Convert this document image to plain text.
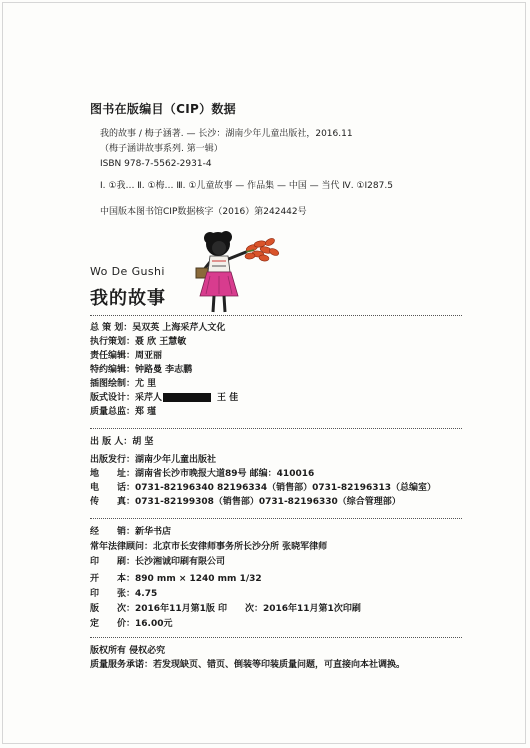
图书在版编目（CIP）数据
我的故事 / 梅子涵著. — 长沙：湖南少年儿童出版社，2016.11
（梅子涵讲故事系列. 第一辑）
ISBN 978-7-5562-2931-4
Ⅰ. ①我… Ⅱ. ①梅… Ⅲ. ①儿童故事 — 作品集 — 中国 — 当代 Ⅳ. ①I287.5
中国版本图书馆CIP数据核字（2016）第242442号
Wo De Gushi
我的故事
总 策 划：吴双英 上海采芹人文化
执行策划：聂 欣 王慧敏
责任编辑：周亚丽
特约编辑：钟路曼 李志鹏
插图绘制：尤 里
版式设计：采芹人	王 佳
质量总监：郑 瑾
出 版 人：胡 坚
出版发行：湖南少年儿童出版社
地　　址：湖南省长沙市晚报大道89号 邮编：410016
电　　话：0731-82196340 82196334（销售部）0731-82196313（总编室）
传　　真：0731-82199308（销售部）0731-82196330（综合管理部）
经　　销：新华书店
常年法律顾问：北京市长安律师事务所长沙分所 张晓军律师
印　　刷：长沙湘诚印刷有限公司
开　　本：890 mm × 1240 mm 1/32
印　　张：4.75
版　　次：2016年11月第1版 印　　次：2016年11月第1次印刷
定　　价：16.00元
版权所有 侵权必究
质量服务承诺：若发现缺页、错页、倒装等印装质量问题，可直接向本社调换。
